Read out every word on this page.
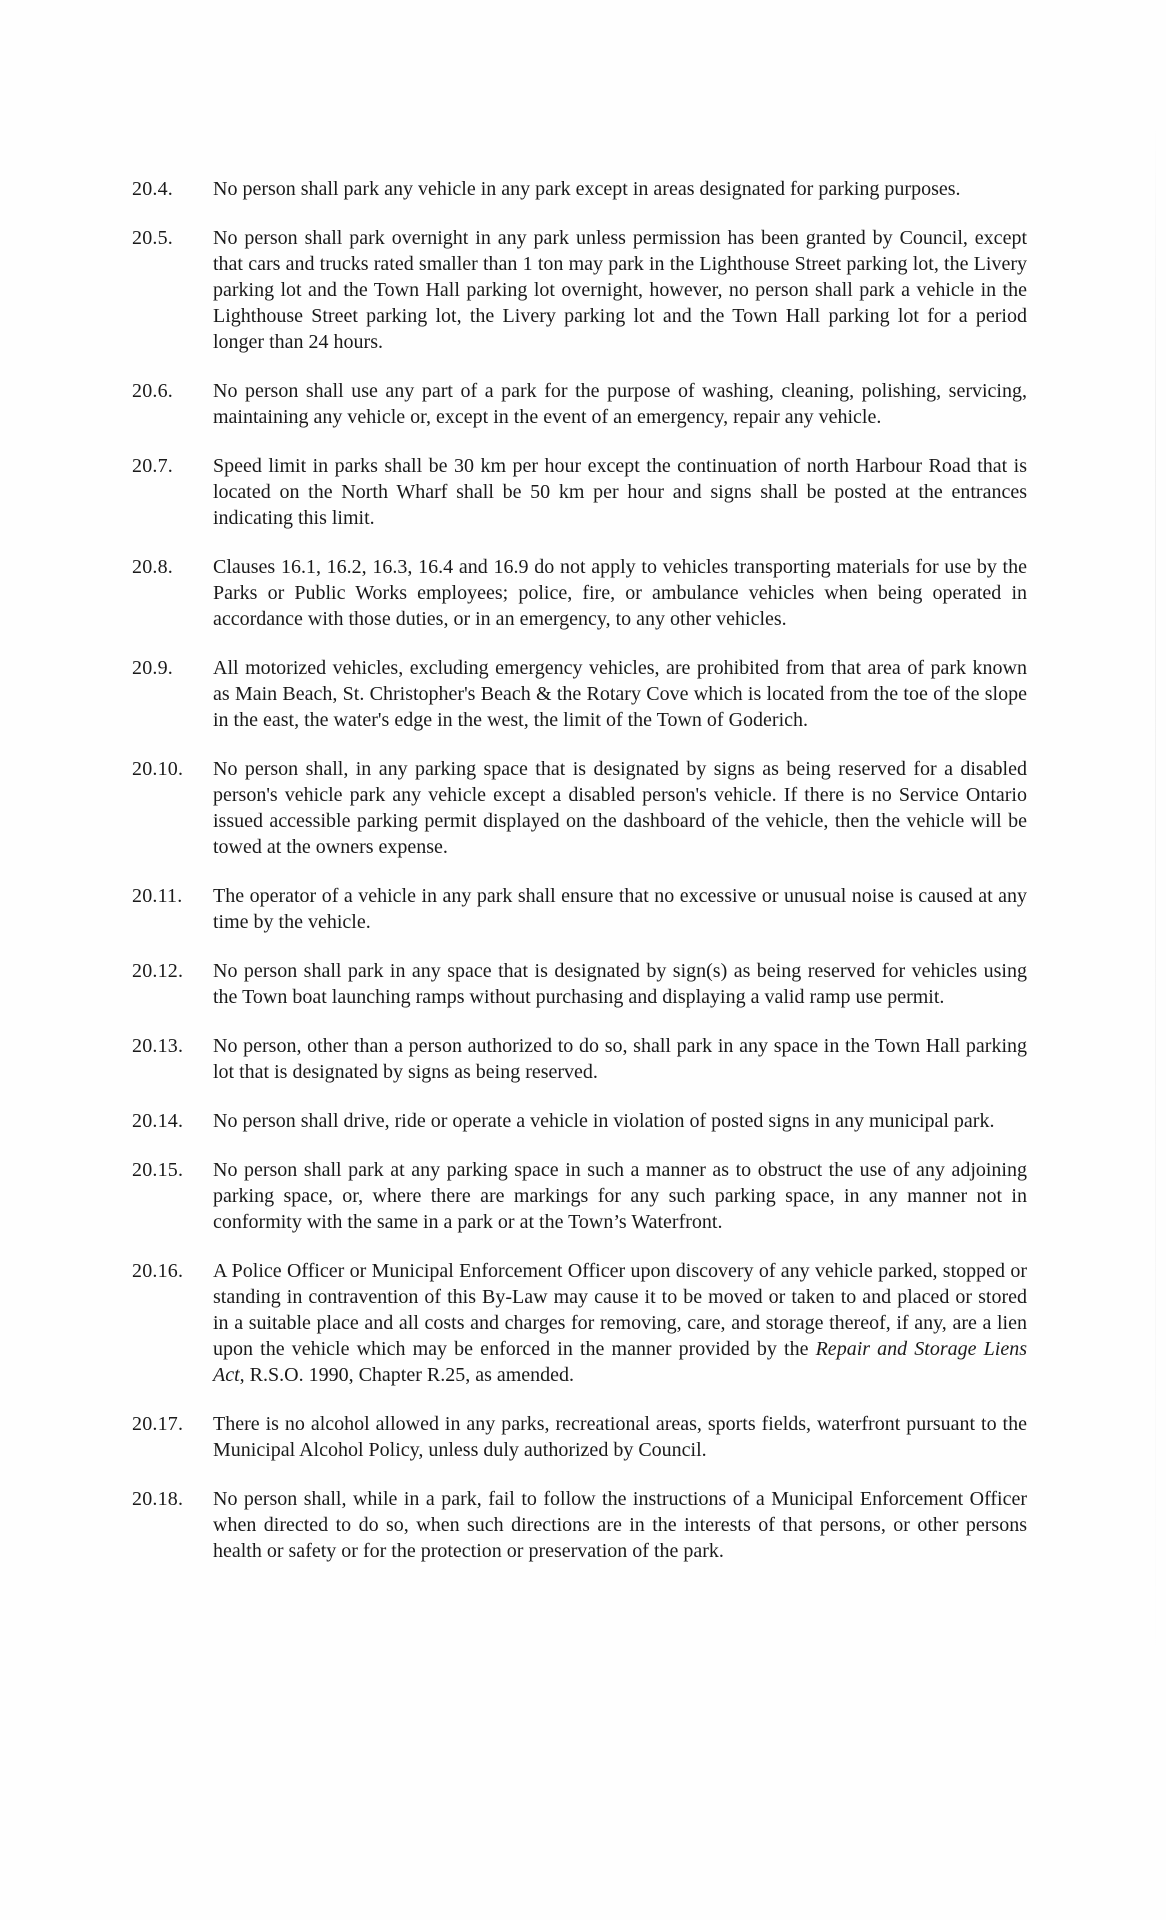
20.4.	No person shall park any vehicle in any park except in areas designated for parking purposes.
20.5.	No person shall park overnight in any park unless permission has been granted by Council, except that cars and trucks rated smaller than 1 ton may park in the Lighthouse Street parking lot, the Livery parking lot and the Town Hall parking lot overnight, however, no person shall park a vehicle in the Lighthouse Street parking lot, the Livery parking lot and the Town Hall parking lot for a period longer than 24 hours.
20.6.	No person shall use any part of a park for the purpose of washing, cleaning, polishing, servicing, maintaining any vehicle or, except in the event of an emergency, repair any vehicle.
20.7.	Speed limit in parks shall be 30 km per hour except the continuation of north Harbour Road that is located on the North Wharf shall be 50 km per hour and signs shall be posted at the entrances indicating this limit.
20.8.	Clauses 16.1, 16.2, 16.3, 16.4 and 16.9 do not apply to vehicles transporting materials for use by the Parks or Public Works employees; police, fire, or ambulance vehicles when being operated in accordance with those duties, or in an emergency, to any other vehicles.
20.9.	All motorized vehicles, excluding emergency vehicles, are prohibited from that area of park known as Main Beach, St. Christopher's Beach & the Rotary Cove which is located from the toe of the slope in the east, the water's edge in the west, the limit of the Town of Goderich.
20.10.	No person shall, in any parking space that is designated by signs as being reserved for a disabled person's vehicle park any vehicle except a disabled person's vehicle. If there is no Service Ontario issued accessible parking permit displayed on the dashboard of the vehicle, then the vehicle will be towed at the owners expense.
20.11.	The operator of a vehicle in any park shall ensure that no excessive or unusual noise is caused at any time by the vehicle.
20.12.	No person shall park in any space that is designated by sign(s) as being reserved for vehicles using the Town boat launching ramps without purchasing and displaying a valid ramp use permit.
20.13.	No person, other than a person authorized to do so, shall park in any space in the Town Hall parking lot that is designated by signs as being reserved.
20.14.	No person shall drive, ride or operate a vehicle in violation of posted signs in any municipal park.
20.15.	No person shall park at any parking space in such a manner as to obstruct the use of any adjoining parking space, or, where there are markings for any such parking space, in any manner not in conformity with the same in a park or at the Town’s Waterfront.
20.16.	A Police Officer or Municipal Enforcement Officer upon discovery of any vehicle parked, stopped or standing in contravention of this By-Law may cause it to be moved or taken to and placed or stored in a suitable place and all costs and charges for removing, care, and storage thereof, if any, are a lien upon the vehicle which may be enforced in the manner provided by the Repair and Storage Liens Act, R.S.O. 1990, Chapter R.25, as amended.
20.17.	There is no alcohol allowed in any parks, recreational areas, sports fields, waterfront pursuant to the Municipal Alcohol Policy, unless duly authorized by Council.
20.18.	No person shall, while in a park, fail to follow the instructions of a Municipal Enforcement Officer when directed to do so, when such directions are in the interests of that persons, or other persons health or safety or for the protection or preservation of the park.
